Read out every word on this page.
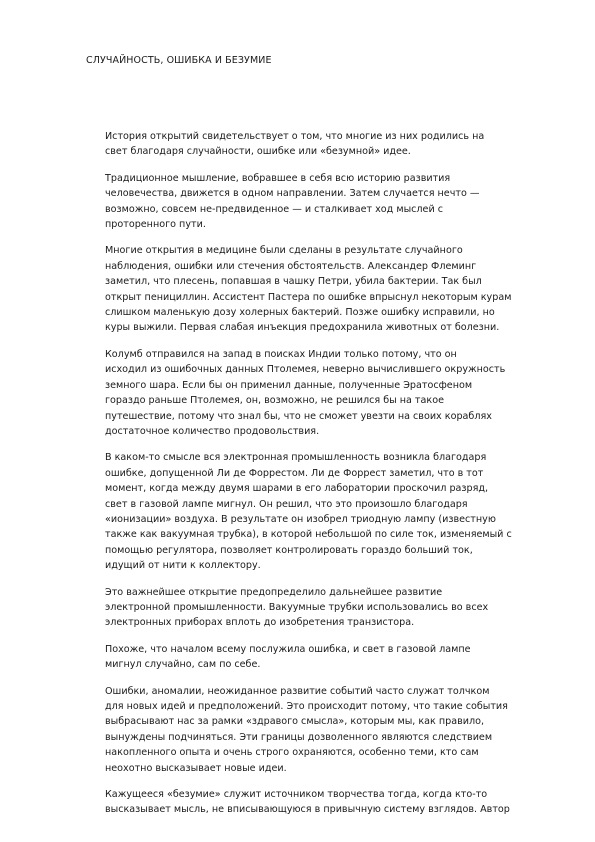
СЛУЧАЙНОСТЬ, ОШИБКА И БЕЗУМИЕ

История открытий свидетельствует о том, что многие из них родились на
свет благодаря случайности, ошибке или «безумной» идее.

Традиционное мышление, вобравшее в себя всю историю развития
человечества, движется в одном направлении. Затем случается нечто —
возможно, совсем не-предвиденное — и сталкивает ход мыслей с
проторенного пути.

Многие открытия в медицине были сделаны в результате случайного
наблюдения, ошибки или стечения обстоятельств. Александер Флеминг
заметил, что плесень, попавшая в чашку Петри, убила бактерии. Так был
открыт пенициллин. Ассистент Пастера по ошибке впрыснул некоторым курам
слишком маленькую дозу холерных бактерий. Позже ошибку исправили, но
куры выжили. Первая слабая инъекция предохранила животных от болезни.

Колумб отправился на запад в поисках Индии только потому, что он
исходил из ошибочных данных Птолемея, неверно вычислившего окружность
земного шара. Если бы он применил данные, полученные Эратосфеном
гораздо раньше Птолемея, он, возможно, не решился бы на такое
путешествие, потому что знал бы, что не сможет увезти на своих кораблях
достаточное количество продовольствия.

В каком-то смысле вся электронная промышленность возникла благодаря
ошибке, допущенной Ли де Форрестом. Ли де Форрест заметил, что в тот
момент, когда между двумя шарами в его лаборатории проскочил разряд,
свет в газовой лампе мигнул. Он решил, что это произошло благодаря
«ионизации» воздуха. В результате он изобрел триодную лампу (известную
также как вакуумная трубка), в которой небольшой по силе ток, изменяемый с
помощью регулятора, позволяет контролировать гораздо больший ток,
идущий от нити к коллектору.

Это важнейшее открытие предопределило дальнейшее развитие
электронной промышленности. Вакуумные трубки использовались во всех
электронных приборах вплоть до изобретения транзистора.

Похоже, что началом всему послужила ошибка, и свет в газовой лампе
мигнул случайно, сам по себе.

Ошибки, аномалии, неожиданное развитие событий часто служат толчком
для новых идей и предположений. Это происходит потому, что такие события
выбрасывают нас за рамки «здравого смысла», которым мы, как правило,
вынуждены подчиняться. Эти границы дозволенного являются следствием
накопленного опыта и очень строго охраняются, особенно теми, кто сам
неохотно высказывает новые идеи.

Кажущееся «безумие» служит источником творчества тогда, когда кто-то
высказывает мысль, не вписывающуюся в привычную систему взглядов. Автор
